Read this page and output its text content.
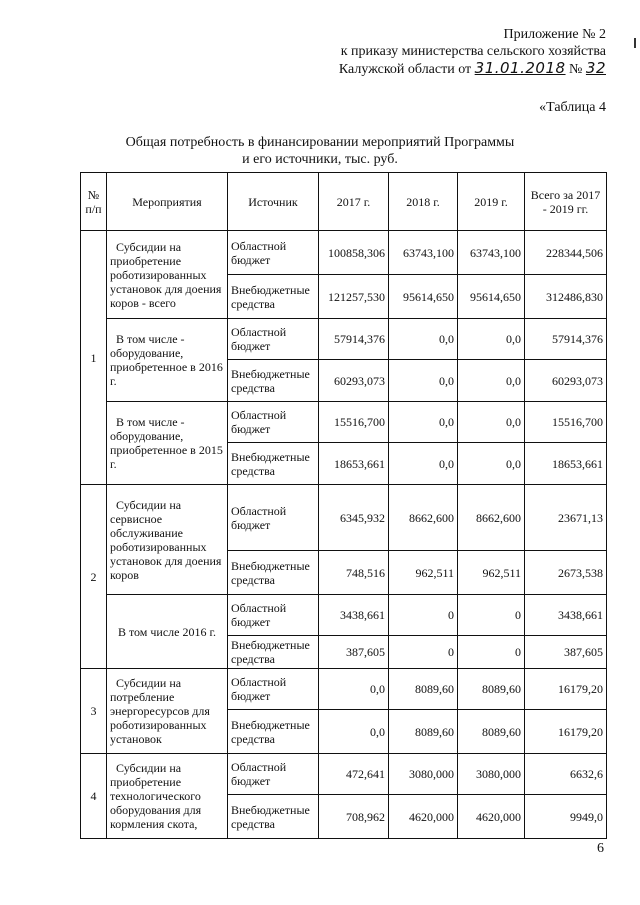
Приложение № 2
к приказу министерства сельского хозяйства
Калужской области от 31.01.2018 № 32
«Таблица 4
Общая потребность в финансировании мероприятий Программы
и его источники, тыс. руб.
№ п/п	Мероприятия	Источник	2017 г.	2018 г.	2019 г.	Всего за 2017 - 2019 гг.
1	Субсидии на приобретение роботизированных установок для доения коров - всего	Областной бюджет	100858,306	63743,100	63743,100	228344,506
		Внебюджетные средства	121257,530	95614,650	95614,650	312486,830
	В том числе - оборудование, приобретенное в 2016 г.	Областной бюджет	57914,376	0,0	0,0	57914,376
		Внебюджетные средства	60293,073	0,0	0,0	60293,073
	В том числе - оборудование, приобретенное в 2015 г.	Областной бюджет	15516,700	0,0	0,0	15516,700
		Внебюджетные средства	18653,661	0,0	0,0	18653,661
2	Субсидии на сервисное обслуживание роботизированных установок для доения коров	Областной бюджет	6345,932	8662,600	8662,600	23671,13
		Внебюджетные средства	748,516	962,511	962,511	2673,538
	В том числе 2016 г.	Областной бюджет	3438,661	0	0	3438,661
		Внебюджетные средства	387,605	0	0	387,605
3	Субсидии на потребление энергоресурсов для роботизированных установок	Областной бюджет	0,0	8089,60	8089,60	16179,20
		Внебюджетные средства	0,0	8089,60	8089,60	16179,20
4	Субсидии на приобретение технологического оборудования для кормления скота,	Областной бюджет	472,641	3080,000	3080,000	6632,6
		Внебюджетные средства	708,962	4620,000	4620,000	9949,0
6
